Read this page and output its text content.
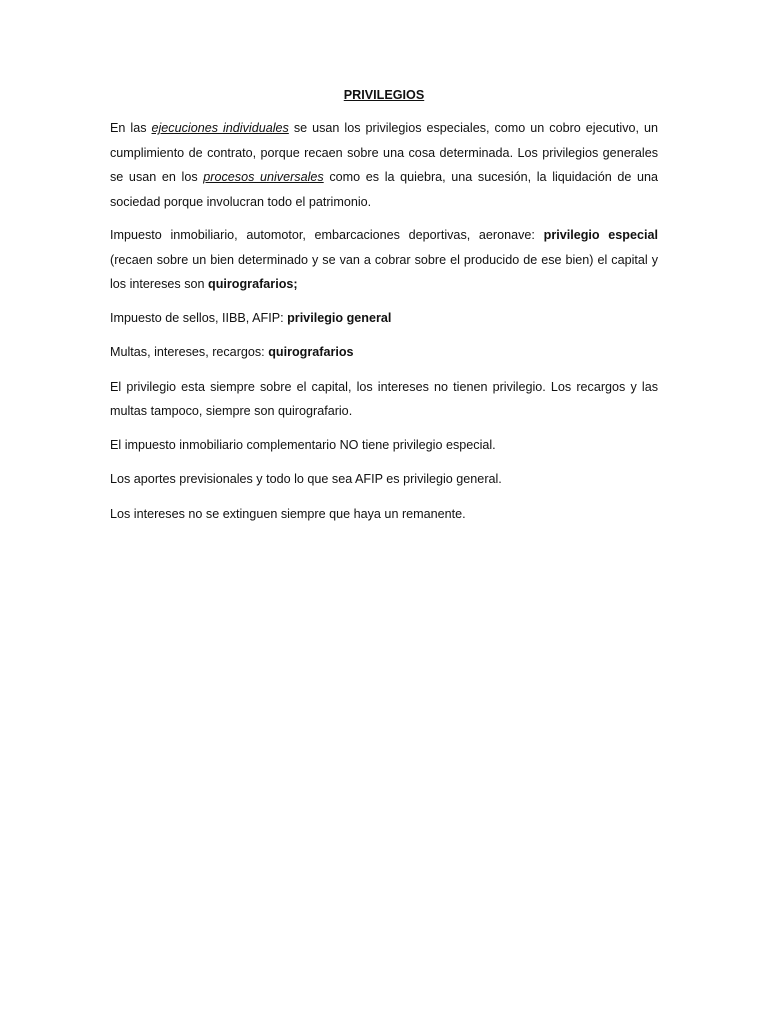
PRIVILEGIOS

En las ejecuciones individuales se usan los privilegios especiales, como un cobro ejecutivo, un cumplimiento de contrato, porque recaen sobre una cosa determinada. Los privilegios generales se usan en los procesos universales como es la quiebra, una sucesión, la liquidación de una sociedad porque involucran todo el patrimonio.

Impuesto inmobiliario, automotor, embarcaciones deportivas, aeronave: privilegio especial (recaen sobre un bien determinado y se van a cobrar sobre el producido de ese bien) el capital y los intereses son quirografarios;

Impuesto de sellos, IIBB, AFIP: privilegio general

Multas, intereses, recargos: quirografarios

El privilegio esta siempre sobre el capital, los intereses no tienen privilegio. Los recargos y las multas tampoco, siempre son quirografario.

El impuesto inmobiliario complementario NO tiene privilegio especial.

Los aportes previsionales y todo lo que sea AFIP es privilegio general.

Los intereses no se extinguen siempre que haya un remanente.
